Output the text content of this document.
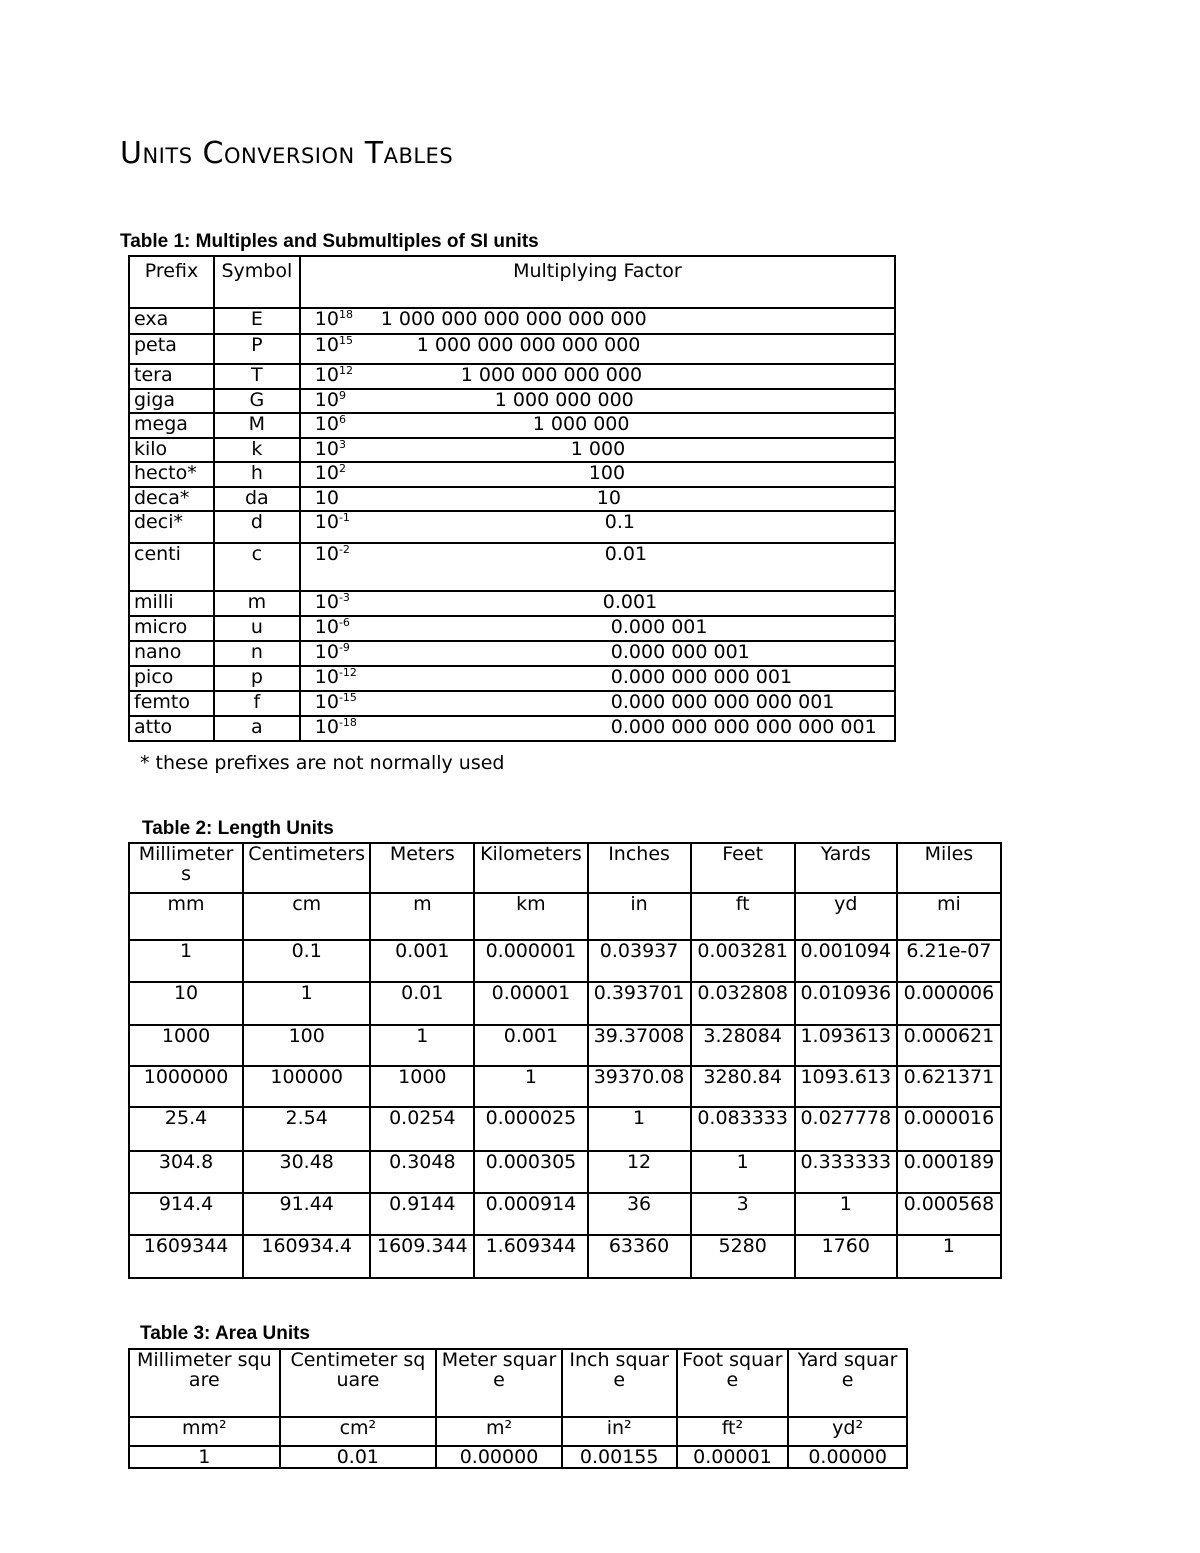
Units Conversion Tables
Table 1: Multiples and Submultiples of SI units
Prefix	Symbol	Multiplying Factor
exa	E	$10^{18}$ 1 000 000 000 000 000 000

peta	P	$10^{15}$ 1 000 000 000 000 000

tera	T	$10^{12}$ 1 000 000 000 000

giga	G	$10^9$ 1 000 000 000

mega	M	$10^6$ 1 000 000

kilo	k	$10^3$ 1 000

hecto*	h	$10^2$ 100

deca*	da	10 10

deci*	d	$10^{-1}$ 0.1

centi	c	$10^{-2}$ 0.01

milli	m	$10^{-3}$ 0.001

micro	u	$10^{-6}$ 0.000 001

nano	n	$10^{-9}$ 0.000 000 001

pico	p	$10^{-12}$ 0.000 000 000 001

femto	f	$10^{-15}$ 0.000 000 000 000 001

atto	a	$10^{-18}$ 0.000 000 000 000 000 001
* these prefixes are not normally used
Table 2: Length Units
Millimeters	Centimeters	Meters	Kilometers	Inches	Feet	Yards	Miles
mm	cm	m	km	in	ft	yd	mi
1	0.1	0.001	0.000001	0.03937	0.003281	0.001094	6.21e-07
10	1	0.01	0.00001	0.393701	0.032808	0.010936	0.000006
1000	100	1	0.001	39.37008	3.28084	1.093613	0.000621
1000000	100000	1000	1	39370.08	3280.84	1093.613	0.621371
25.4	2.54	0.0254	0.000025	1	0.083333	0.027778	0.000016
304.8	30.48	0.3048	0.000305	12	1	0.333333	0.000189
914.4	91.44	0.9144	0.000914	36	3	1	0.000568
1609344	160934.4	1609.344	1.609344	63360	5280	1760	1
Table 3: Area Units
Millimeter square	Centimeter square	Meter square	Inch square	Foot square	Yard square
mm²	cm²	m²	in²	ft²	yd²
1	0.01	0.00000	0.00155	0.00001	0.00000
